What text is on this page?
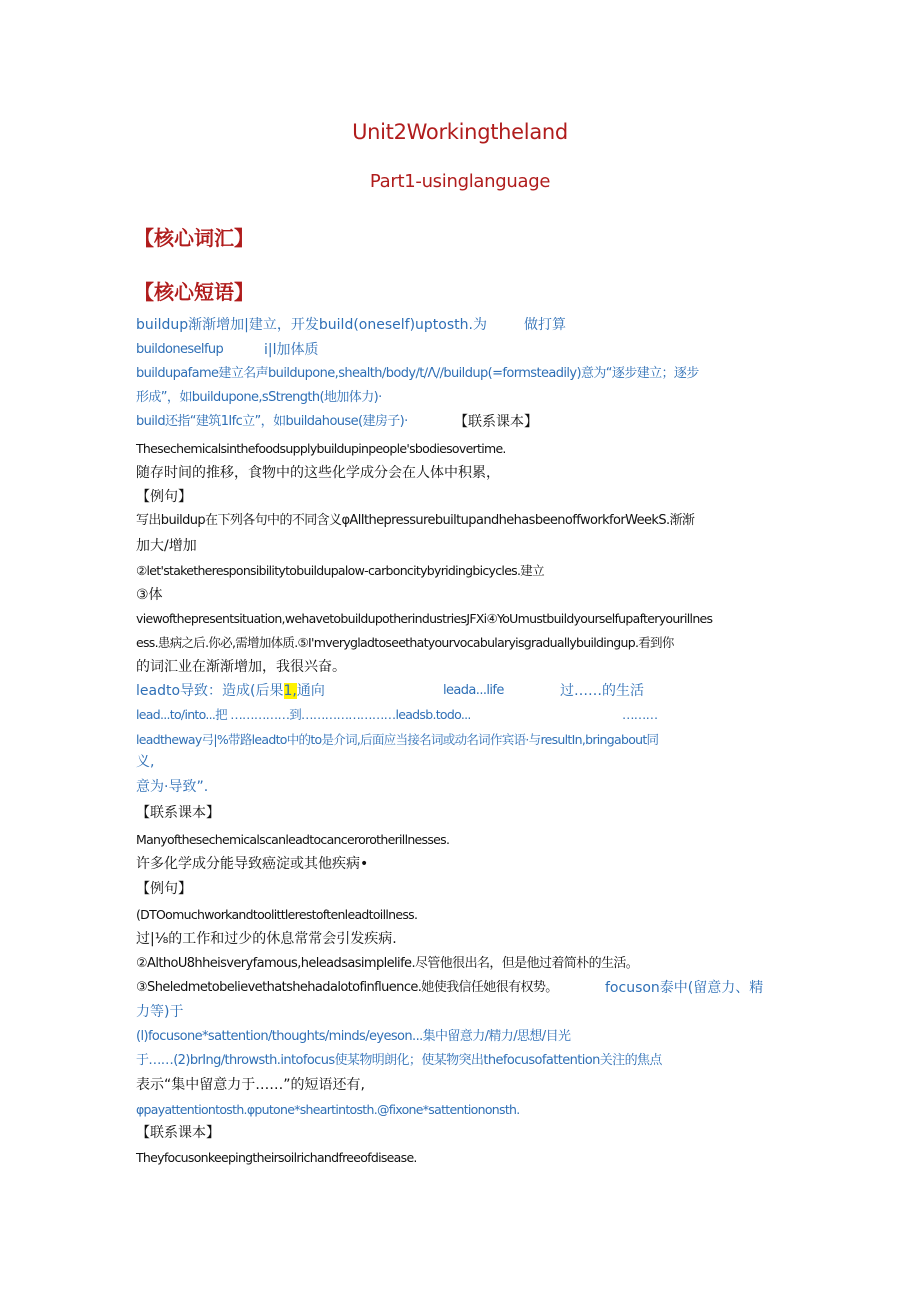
Unit2Workingtheland
Part1-usinglanguage
【核心词汇】
【核心短语】
buildup渐渐增加|建立，开发build(oneself)uptosth.为	做打算
buildoneselfup	i|l加体质
buildupafame建立名声buildupone,shealth∕body∕t∕Λ∕∕buildup(=formsteadily)意为“逐步建立；逐步
形成”，如buildupone,sStrength(地加体力)·
build还指“建筑1Ifc立”，如buildahouse(建房子)·	【联系课本】
Thesechemicalsinthefoodsupplybuildupinpeople'sbodiesovertime.
随存时间的推移，食物中的这些化学成分会在人体中积累，
【例句】
写出buildup在下列各句中的不同含义φAlIthepressurebuiltupandhehasbeenoffworkforWeekS.渐渐
加大/增加
②let'staketheresponsibilitytobuildupalow-carboncitybyridingbicycles.建立
③体
viewofthepresentsituation,wehavetobuildupotherindustriesJFXi④YoUmustbuildyourselfupafteryourillnes
ess.患病之后.你必,需增加体质.⑤I'mverygladtoseethatyourvocabularyisgraduallybuildingup.看到你
的词汇业在渐渐增加，我很兴奋。
leadto导致：造成(后果1,通向	leada...life	过……的生活
lead...to∕into...把 ……………到……………………leadsb.todo...	………
leadtheway弓|%带路leadto中的to是介词,后面应当接名词或动名词作宾语·与resultIn,bringabout同
义,
意为·导致”.
【联系课本】
Manyofthesechemicalscanleadtocancerorotherillnesses.
许多化学成分能导致癌淀或其他疾病•
【例句】
(DTOomuchworkandtoolittlerestoftenleadtoillness.
过|⅛的工作和过少的休息常常会引发疾病.
②AlthoU8hheisveryfamous,heleadsasimplelife.尽管他很出名，但是他过着简朴的生活。
③Sheledmetobelievethatshehadalotofinfluence.她使我信任她很有权势。	focuson泰中(留意力、精
力等)于
(l)focusone*sattention/thoughts/minds/eyeson...集中留意力/精力/思想/目光
于……(2)brIng∕throwsth.intofocus使某物明朗化；使某物突出thefocusofattention关注的焦点
表示“集中留意力于……”的短语还有,
φpayattentiontosth.φputone*sheartintosth.@fixone*sattentiononsth.
【联系课本】
Theyfocusonkeepingtheirsoilrichandfreeofdisease.
